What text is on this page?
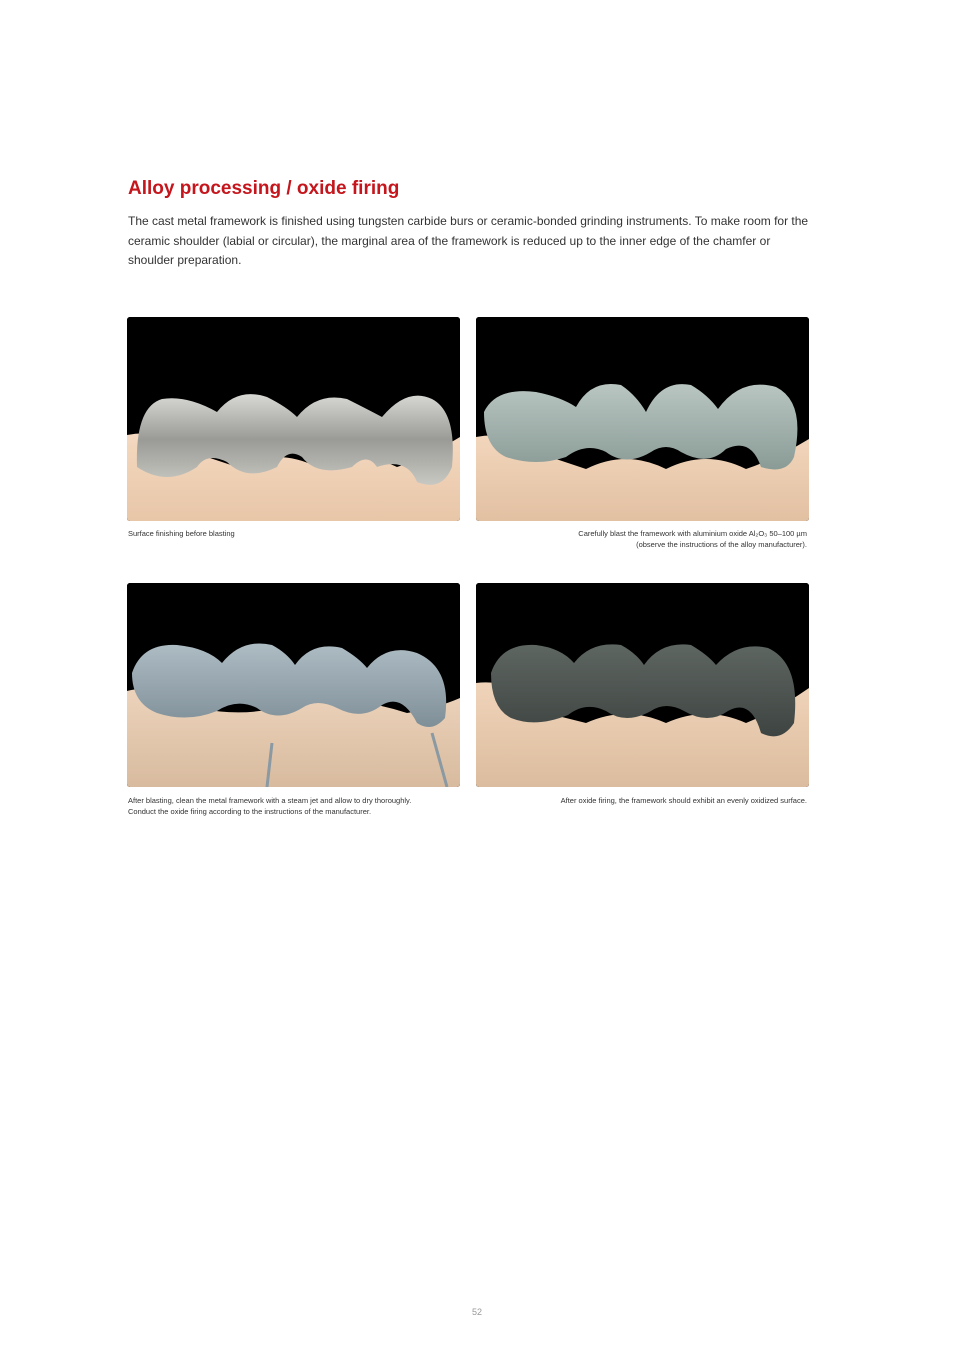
Alloy processing / oxide firing

The cast metal framework is finished using tungsten carbide burs or ceramic-bonded grinding instruments. To make room for the ceramic shoulder (labial or circular), the marginal area of the framework is reduced up to the inner edge of the chamfer or shoulder preparation.

Surface finishing before blasting	Carefully blast the framework with aluminium oxide Al₂O₃ 50–100 µm
(observe the instructions of the alloy manufacturer).
After blasting, clean the metal framework with a steam jet and allow to dry thoroughly.
Conduct the oxide firing according to the instructions of the manufacturer.
After oxide firing, the framework should exhibit an evenly oxidized surface.
52
